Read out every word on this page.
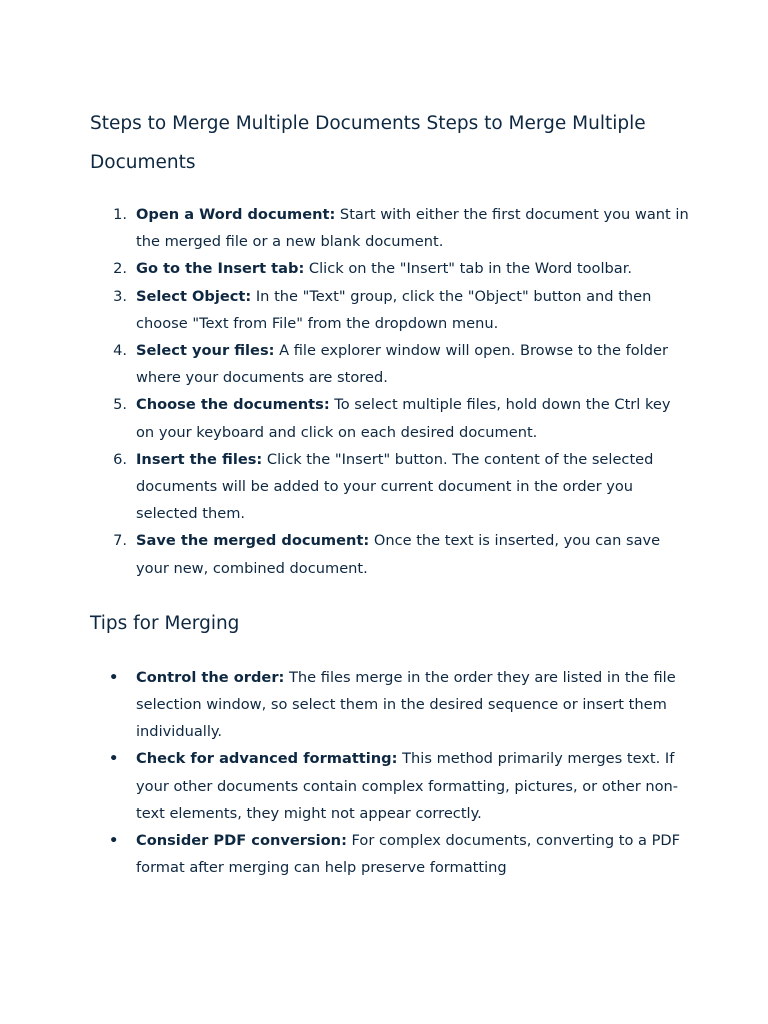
Steps to Merge Multiple Documents Steps to Merge Multiple Documents
1. Open a Word document: Start with either the first document you want in the merged file or a new blank document.
2. Go to the Insert tab: Click on the "Insert" tab in the Word toolbar.
3. Select Object: In the "Text" group, click the "Object" button and then choose "Text from File" from the dropdown menu.
4. Select your files: A file explorer window will open. Browse to the folder where your documents are stored.
5. Choose the documents: To select multiple files, hold down the Ctrl key on your keyboard and click on each desired document.
6. Insert the files: Click the "Insert" button. The content of the selected documents will be added to your current document in the order you selected them.
7. Save the merged document: Once the text is inserted, you can save your new, combined document.
Tips for Merging
• Control the order: The files merge in the order they are listed in the file selection window, so select them in the desired sequence or insert them individually.
• Check for advanced formatting: This method primarily merges text. If your other documents contain complex formatting, pictures, or other non-text elements, they might not appear correctly.
• Consider PDF conversion: For complex documents, converting to a PDF format after merging can help preserve formatting
